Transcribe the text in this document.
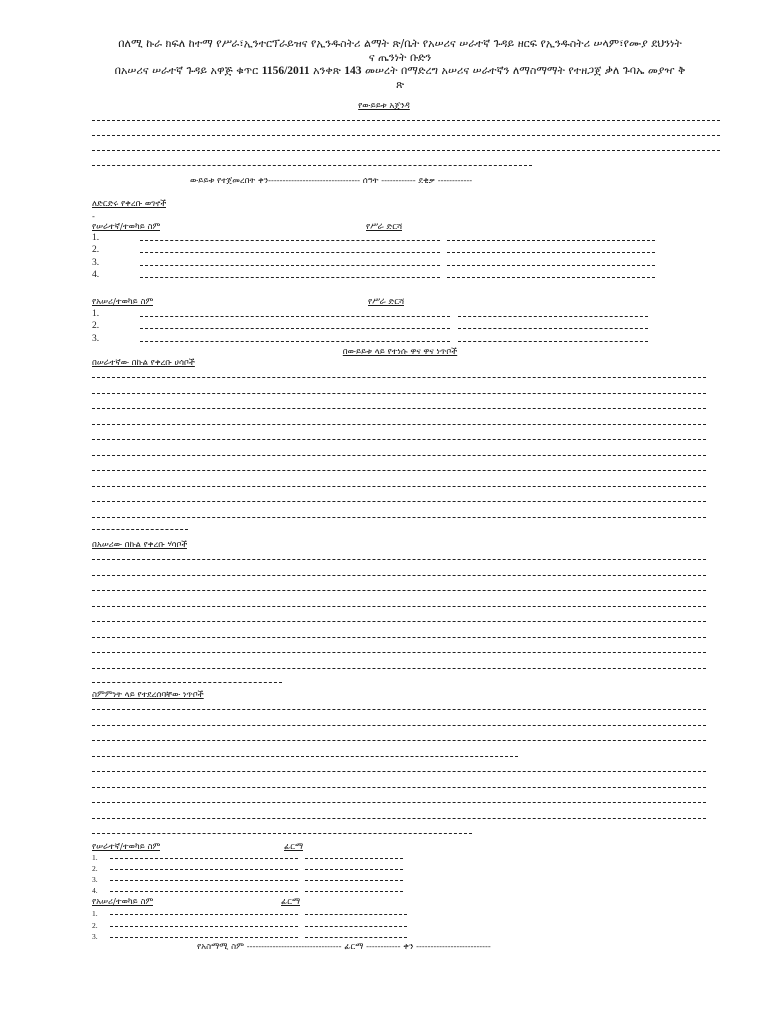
በለሚ ኩራ ክፍለ ከተማ የሥራ፣ኢንተርፕራይዝና የኢንዱስትሪ ልማት ጽ/ቤት የአሠሪና ሠራተኛ ጉዳይ ዘርፍ የኢንዱስትሪ ሠላም፣የሙያ ደህንነት
ና ጤንነት ቡድን
በአሠሪና ሠራተኛ ጉዳይ አዋጅ ቁጥር 1156/2011 አንቀጽ 143 መሠረት በማድረግ አሠሪና ሠራተኛን ለማስማማት የተዘጋጀ ቃለ ጉባኤ መያዣ ቅ
ጽ
የውይይቱ አጀንዳ
ውይይቱ የተጀመረበት ቀን-------------------------------- ሰዓት ------------ ደቂቃ ------------
ለድርድሩ የቀረቡ ወገኖች
-
የሠራተኛ/ተወካይ ስም	የሥራ ድርሻ
1.
2.
3.
4.
የአሠሪ/ተወካይ ስም	የሥራ ድርሻ
1.
2.
3.
በውይይቱ ላይ የተነሱ ዋና ዋና ነጥቦች
በሠራተኛው በኩል የቀረቡ ሀሳቦች
በአሠሪው በኩል የቀረቡ ሃሳቦች
ስምምነት ላይ የተደረሰባቸው ነጥቦች
የሠራተኛ/ተወካይ ስም	ፊርማ
1.
2.
3.
4.
የአሠሪ/ተወካይ ስም	ፊርማ
1.
2.
3.
የአስማሚ ስም --------------------------------- ፊርማ ------------ ቀን --------------------------
